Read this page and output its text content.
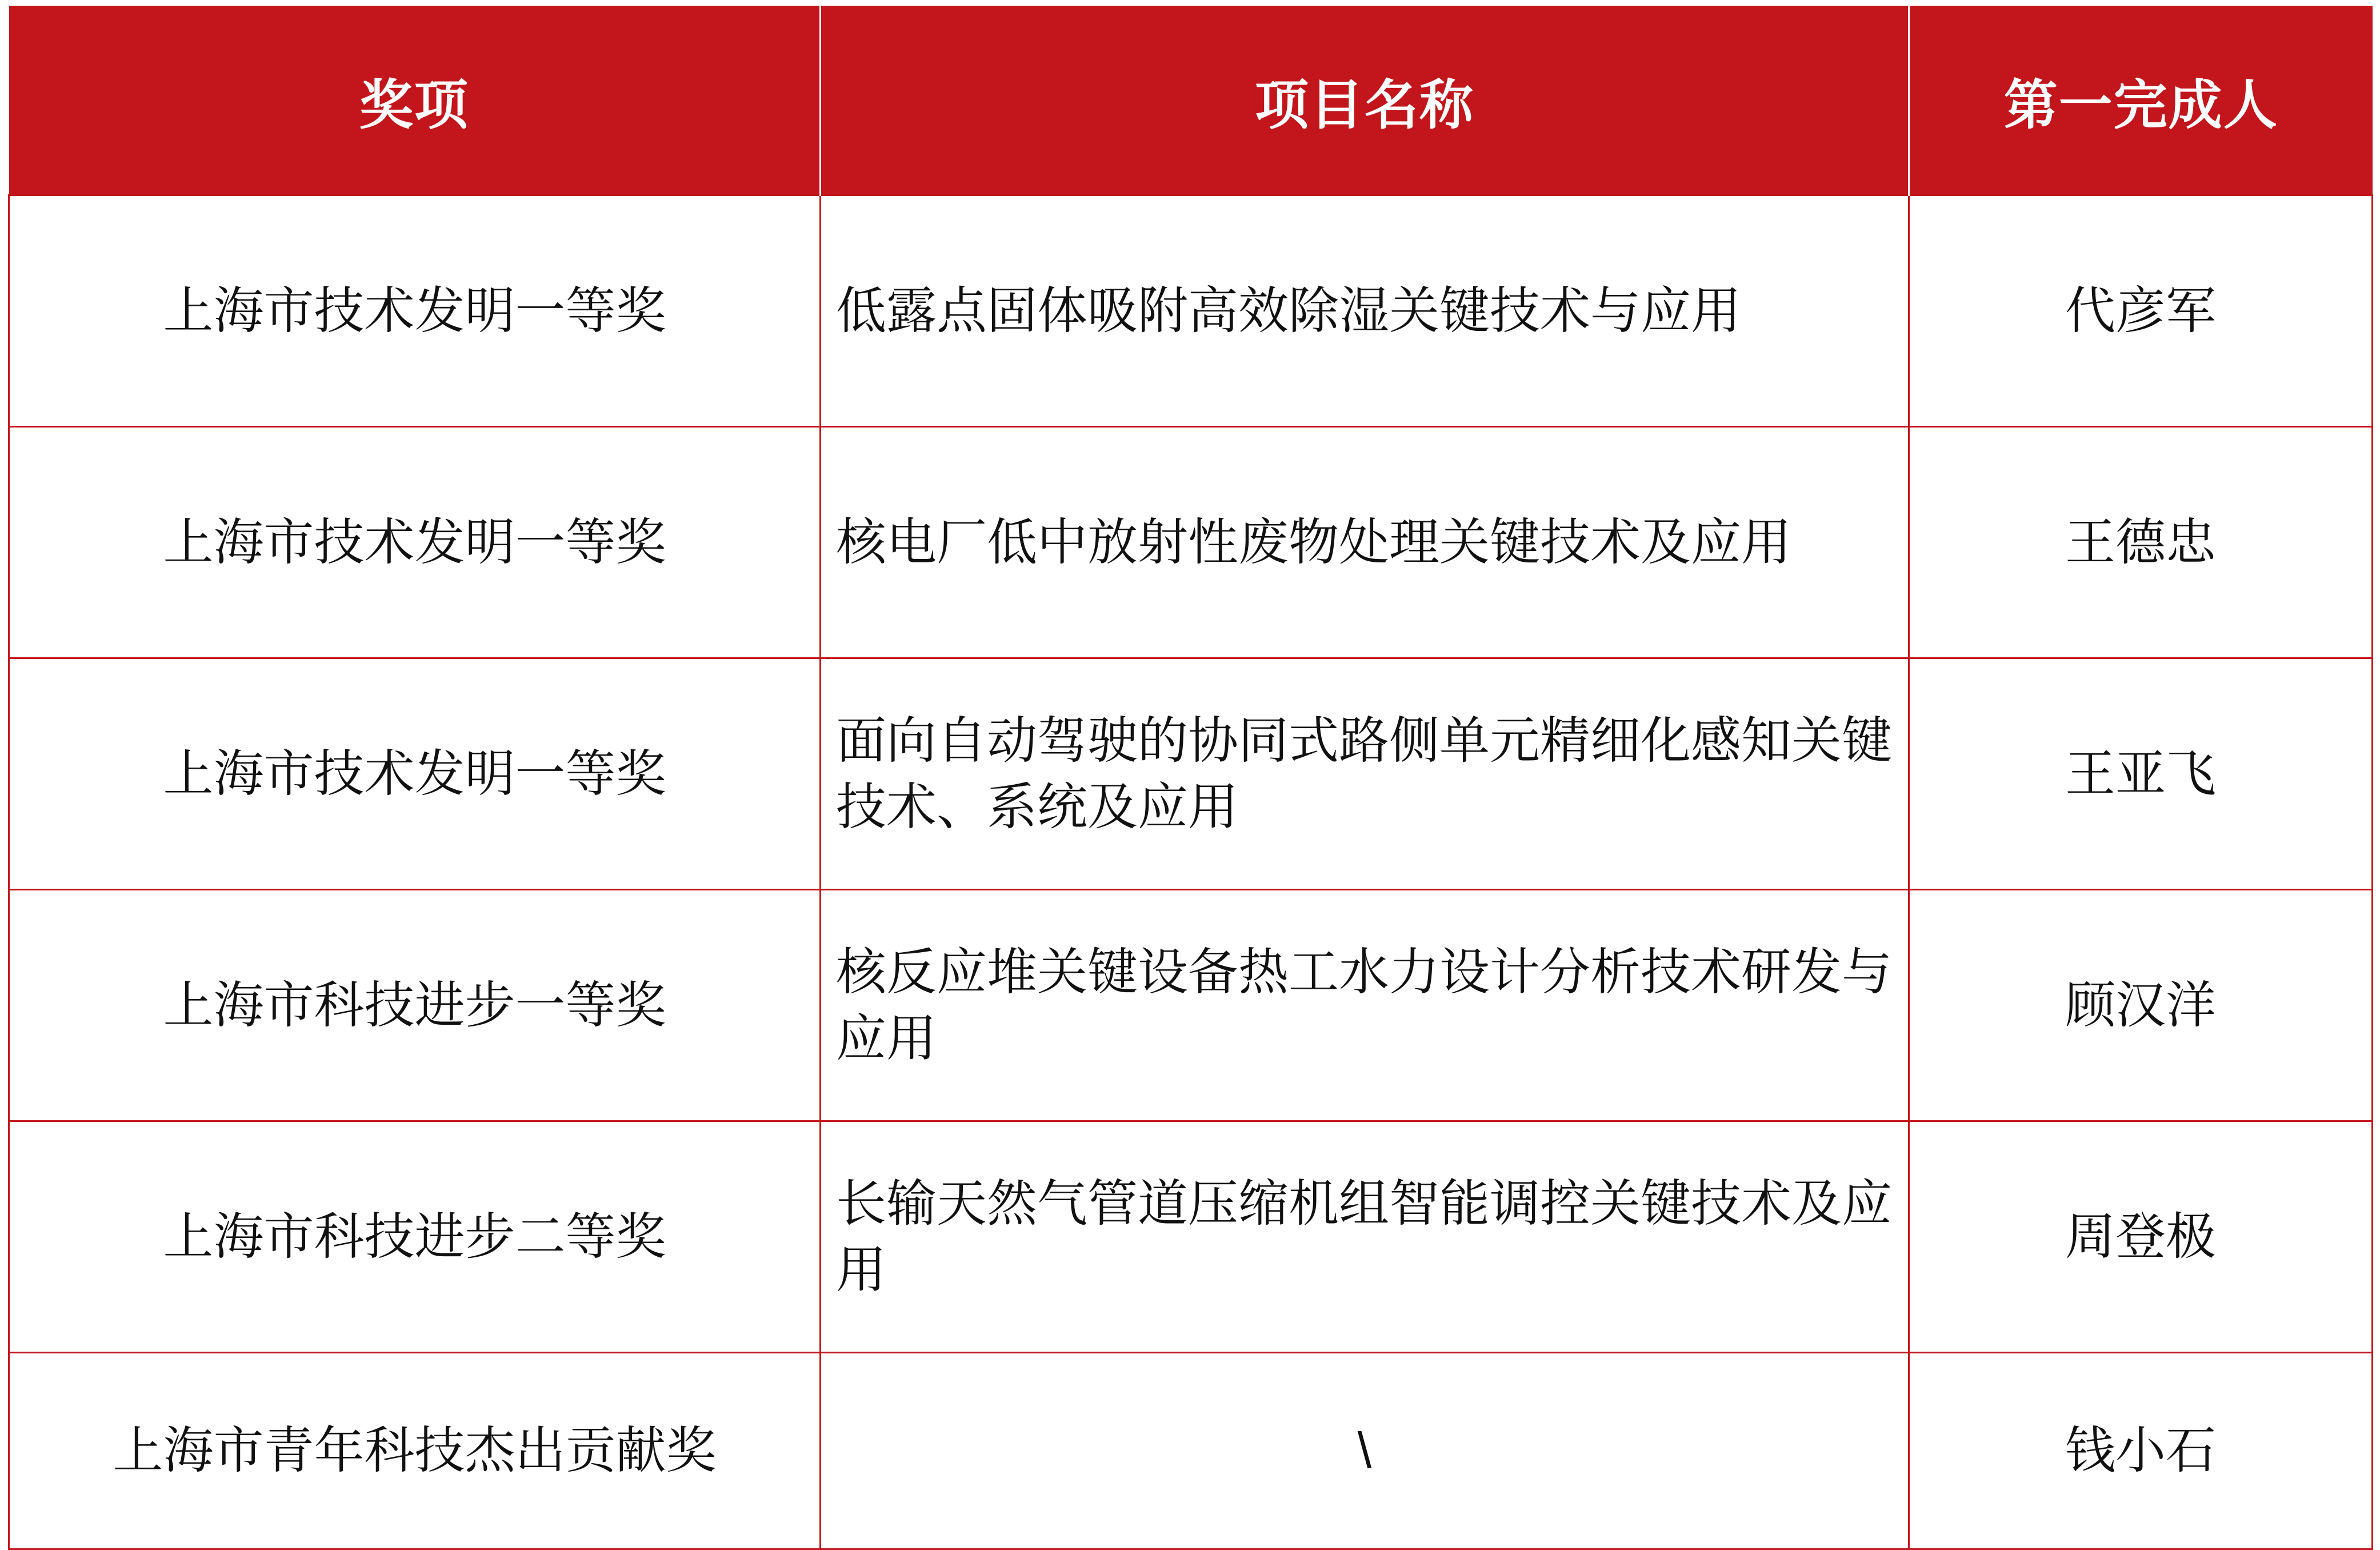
奖项	项目名称	第一完成人
上海市技术发明一等奖	低露点固体吸附高效除湿关键技术与应用	代彦军
上海市技术发明一等奖	核电厂低中放射性废物处理关键技术及应用	王德忠
上海市技术发明一等奖	面向自动驾驶的协同式路侧单元精细化感知关键技术、系统及应用	王亚飞
上海市科技进步一等奖	核反应堆关键设备热工水力设计分析技术研发与应用	顾汉洋
上海市科技进步二等奖	长输天然气管道压缩机组智能调控关键技术及应用	周登极
上海市青年科技杰出贡献奖	\	钱小石
